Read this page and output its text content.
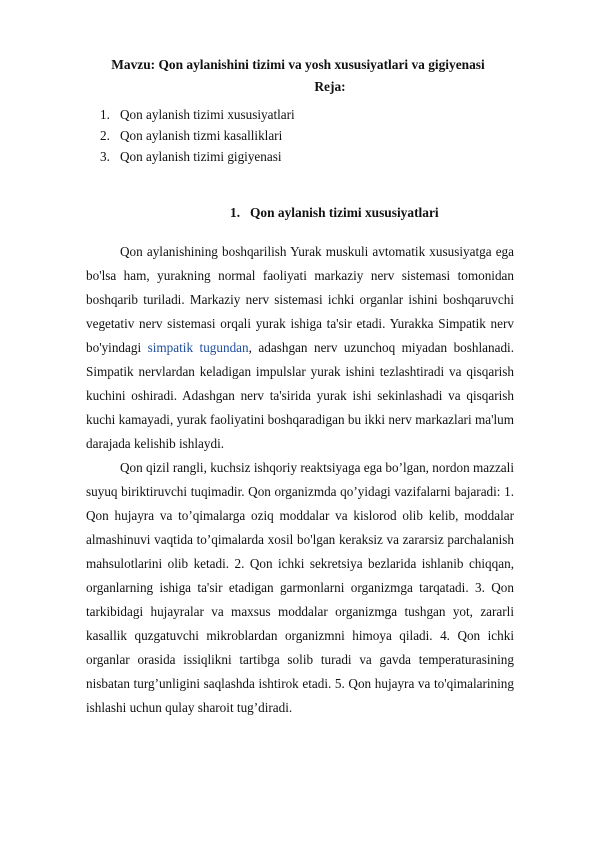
Mavzu: Qon aylanishini tizimi va yosh xususiyatlari va gigiyenasi
Reja:
1. Qon aylanish tizimi xususiyatlari
2. Qon aylanish tizmi kasalliklari
3. Qon aylanish tizimi gigiyenasi
1. Qon aylanish tizimi xususiyatlari

Qon aylanishining boshqarilish Yurak muskuli avtomatik xususiyatga ega bo'lsa ham, yurakning normal faoliyati markaziy nerv sistemasi tomonidan boshqarib turiladi. Markaziy nerv sistemasi ichki organlar ishini boshqaruvchi vegetativ nerv sistemasi orqali yurak ishiga ta'sir etadi. Yurakka Simpatik nerv bo'yindagi simpatik tugundan, adashgan nerv uzunchoq miyadan boshlanadi. Simpatik nervlardan keladigan impulslar yurak ishini tezlashtiradi va qisqarish kuchini oshiradi. Adashgan nerv ta'sirida yurak ishi sekinlashadi va qisqarish kuchi kamayadi, yurak faoliyatini boshqaradigan bu ikki nerv markazlari ma'lum darajada kelishib ishlaydi.

Qon qizil rangli, kuchsiz ishqoriy reaktsiyaga ega bo’lgan, nordon mazzali suyuq biriktiruvchi tuqimadir. Qon organizmda qo’yidagi vazifalarni bajaradi: 1. Qon hujayra va to’qimalarga oziq moddalar va kislorod olib kelib, moddalar almashinuvi vaqtida to’qimalarda xosil bo'lgan keraksiz va zararsiz parchalanish mahsulotlarini olib ketadi. 2. Qon ichki sekretsiya bezlarida ishlanib chiqqan, organlarning ishiga ta'sir etadigan garmonlarni organizmga tarqatadi. 3. Qon tarkibidagi hujayralar va maxsus moddalar organizmga tushgan yot, zararli kasallik quzgatuvchi mikroblardan organizmni himoya qiladi. 4. Qon ichki organlar orasida issiqlikni tartibga solib turadi va gavda temperaturasining nisbatan turg’unligini saqlashda ishtirok etadi. 5. Qon hujayra va to'qimalarining ishlashi uchun qulay sharoit tug’diradi.
